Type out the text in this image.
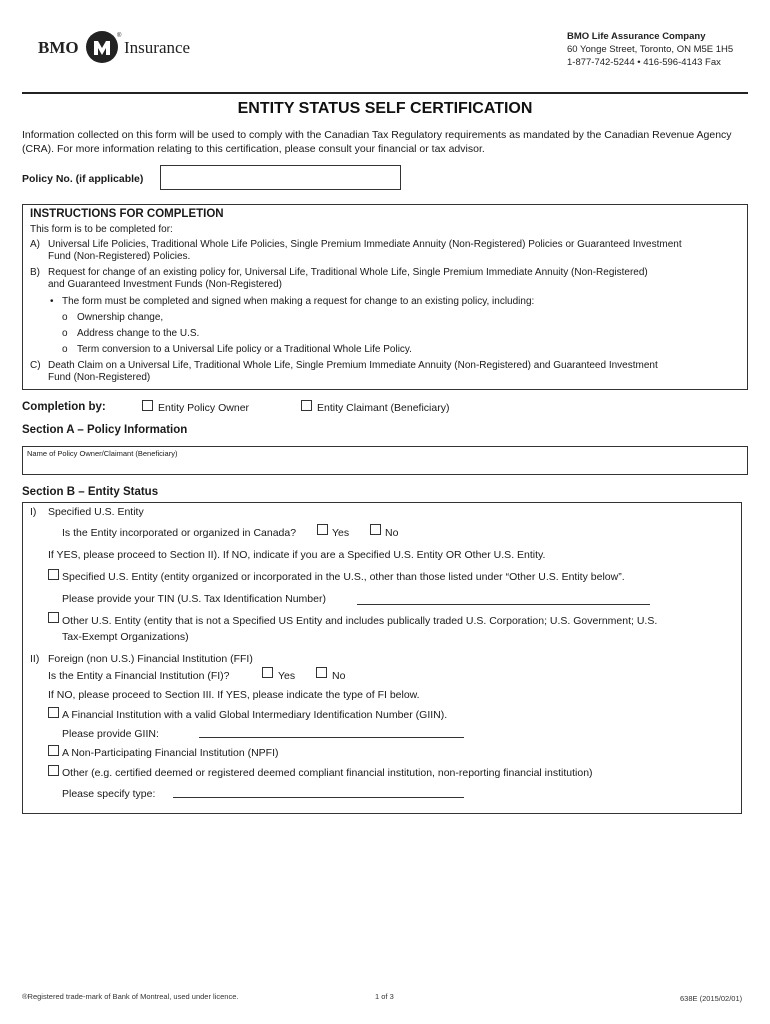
BMO
®
Insurance
BMO Life Assurance Company
60 Yonge Street, Toronto, ON M5E 1H5
1-877-742-5244 • 416-596-4143 Fax
ENTITY STATUS SELF CERTIFICATION
Information collected on this form will be used to comply with the Canadian Tax Regulatory requirements as mandated by the Canadian Revenue Agency (CRA). For more information relating to this certification, please consult your financial or tax advisor.
Policy No. (if applicable)
INSTRUCTIONS FOR COMPLETION
This form is to be completed for:
A) Universal Life Policies, Traditional Whole Life Policies, Single Premium Immediate Annuity (Non-Registered) Policies or Guaranteed Investment
Fund (Non-Registered) Policies.
B) Request for change of an existing policy for, Universal Life, Traditional Whole Life, Single Premium Immediate Annuity (Non-Registered)
and Guaranteed Investment Funds (Non-Registered)
• The form must be completed and signed when making a request for change to an existing policy, including:
o Ownership change,
o Address change to the U.S.
o Term conversion to a Universal Life policy or a Traditional Whole Life Policy.
C) Death Claim on a Universal Life, Traditional Whole Life, Single Premium Immediate Annuity (Non-Registered) and Guaranteed Investment
Fund (Non-Registered)
Completion by:	Entity Policy Owner	Entity Claimant (Beneficiary)
Section A – Policy Information
Name of Policy Owner/Claimant (Beneficiary)
Section B – Entity Status
I) Specified U.S. Entity
Is the Entity incorporated or organized in Canada?	Yes	No
If YES, please proceed to Section II). If NO, indicate if you are a Specified U.S. Entity OR Other U.S. Entity.
Specified U.S. Entity (entity organized or incorporated in the U.S., other than those listed under “Other U.S. Entity below”.
Please provide your TIN (U.S. Tax Identification Number)
Other U.S. Entity (entity that is not a Specified US Entity and includes publically traded U.S. Corporation; U.S. Government; U.S.
Tax-Exempt Organizations)
II) Foreign (non U.S.) Financial Institution (FFI)
Is the Entity a Financial Institution (FI)?	Yes	No
If NO, please proceed to Section III. If YES, please indicate the type of FI below.
A Financial Institution with a valid Global Intermediary Identification Number (GIIN).
Please provide GIIN:
A Non-Participating Financial Institution (NPFI)
Other (e.g. certified deemed or registered deemed compliant financial institution, non-reporting financial institution)
Please specify type:
®Registered trade-mark of Bank of Montreal, used under licence.	1 of 3	638E (2015/02/01)
